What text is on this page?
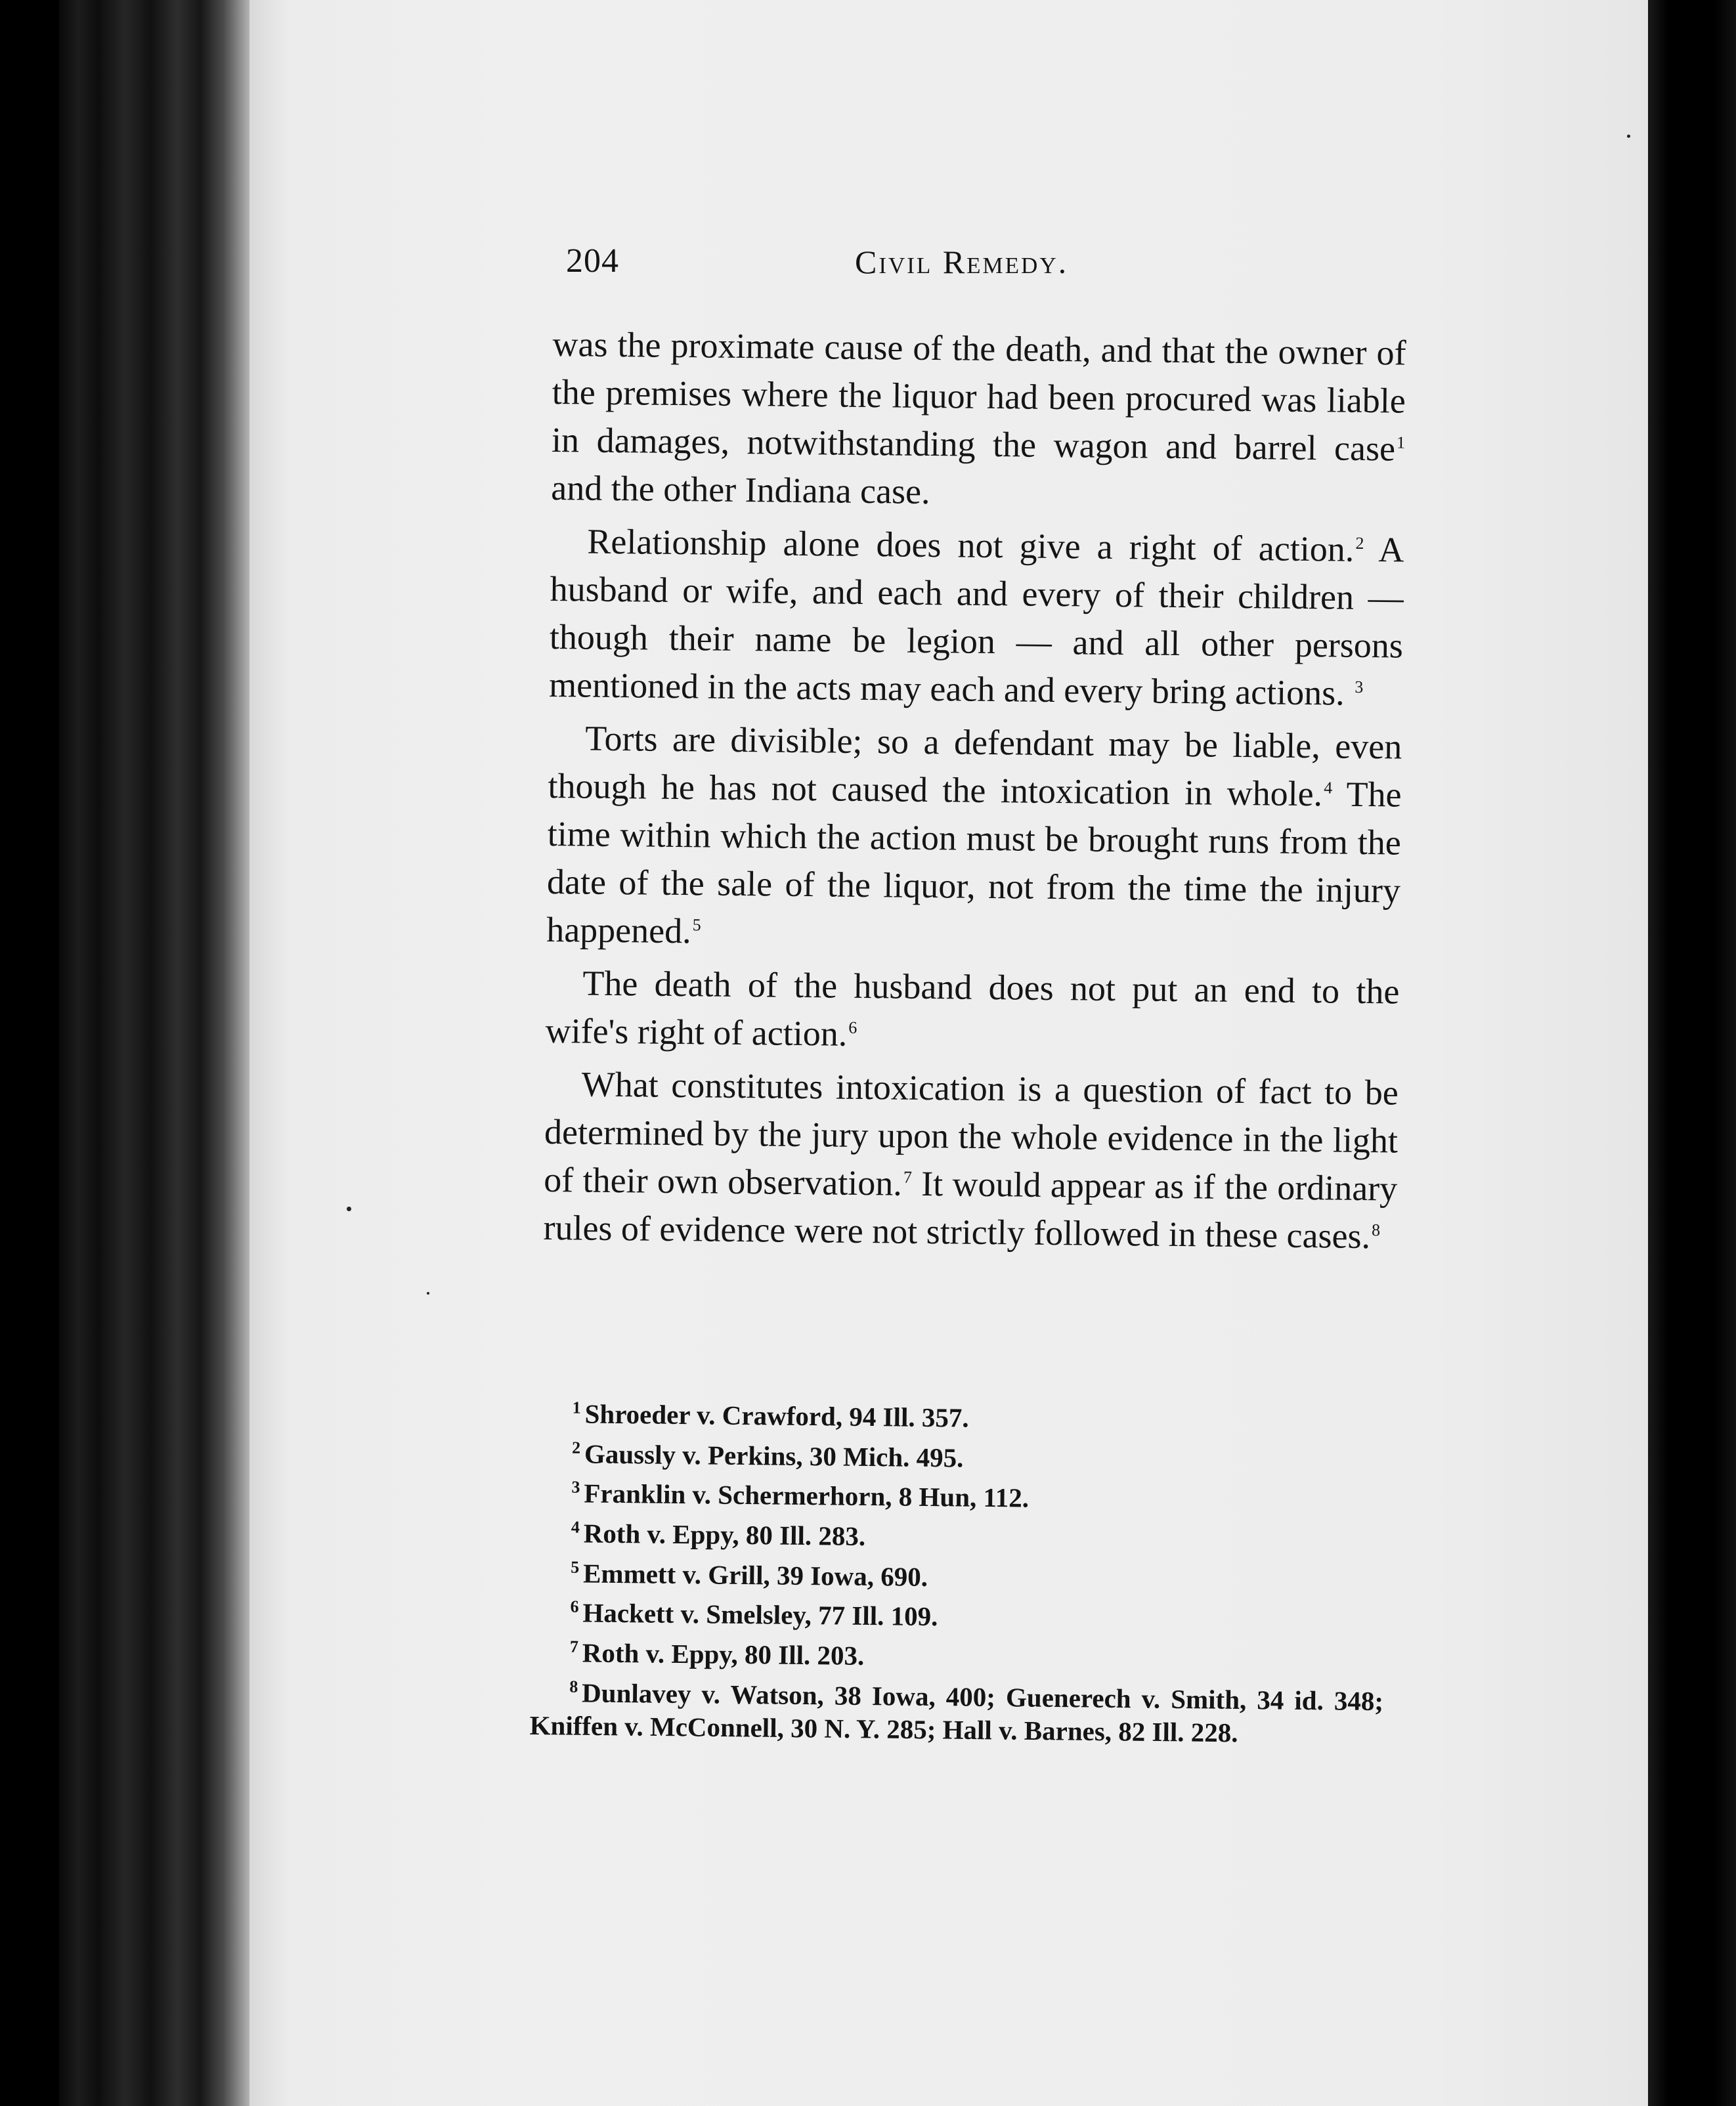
204	Civil Remedy.

was the proximate cause of the death, and that the owner of the premises where the liquor had been procured was liable in damages, notwithstanding the wagon and barrel case$^1$ and the other Indiana case.

Relationship alone does not give a right of action.$^2$ A husband or wife, and each and every of their children — though their name be legion — and all other persons mentioned in the acts may each and every bring actions. $^3$

Torts are divisible; so a defendant may be liable, even though he has not caused the intoxication in whole.$^4$ The time within which the action must be brought runs from the date of the sale of the liquor, not from the time the injury happened.$^5$

The death of the husband does not put an end to the wife's right of action.$^6$

What constitutes intoxication is a question of fact to be determined by the jury upon the whole evidence in the light of their own observation.$^7$ It would appear as if the ordinary rules of evidence were not strictly followed in these cases.$^8$

$^1$ Shroeder v. Crawford, 94 Ill. 357.
$^2$ Gaussly v. Perkins, 30 Mich. 495.
$^3$ Franklin v. Schermerhorn, 8 Hun, 112.
$^4$ Roth v. Eppy, 80 Ill. 283.
$^5$ Emmett v. Grill, 39 Iowa, 690.
$^6$ Hackett v. Smelsley, 77 Ill. 109.
$^7$ Roth v. Eppy, 80 Ill. 203.
$^8$ Dunlavey v. Watson, 38 Iowa, 400; Guenerech v. Smith, 34 id. 348; Kniffen v. McConnell, 30 N. Y. 285; Hall v. Barnes, 82 Ill. 228.
